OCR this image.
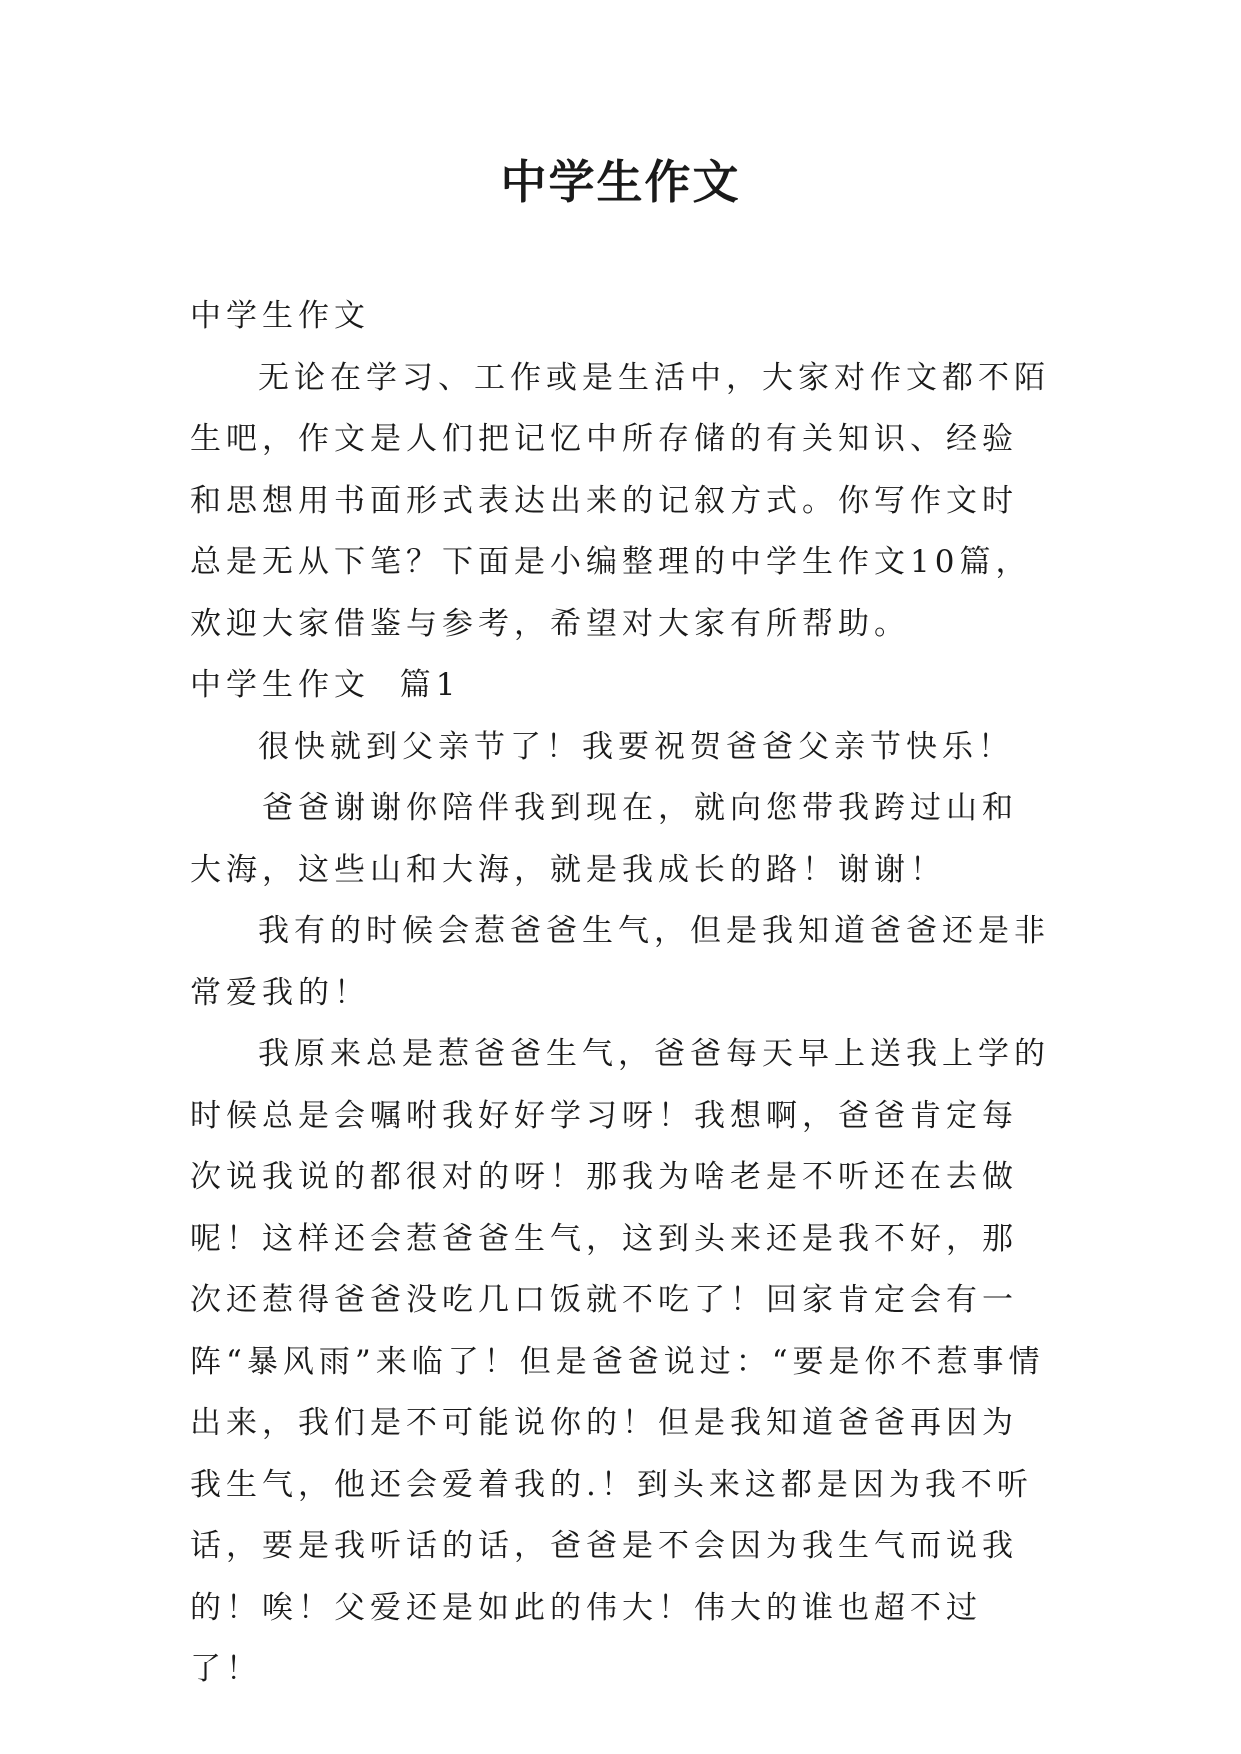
中学生作文

中学生作文

无论在学习、工作或是生活中，大家对作文都不陌生吧，作文是人们把记忆中所存储的有关知识、经验和思想用书面形式表达出来的记叙方式。你写作文时总是无从下笔？下面是小编整理的中学生作文10篇，欢迎大家借鉴与参考，希望对大家有所帮助。

中学生作文  篇1

很快就到父亲节了！我要祝贺爸爸父亲节快乐！

爸爸谢谢你陪伴我到现在，就向您带我跨过山和大海，这些山和大海，就是我成长的路！谢谢！

我有的时候会惹爸爸生气，但是我知道爸爸还是非常爱我的！

我原来总是惹爸爸生气，爸爸每天早上送我上学的时候总是会嘱咐我好好学习呀！我想啊，爸爸肯定每次说我说的都很对的呀！那我为啥老是不听还在去做呢！这样还会惹爸爸生气，这到头来还是我不好，那次还惹得爸爸没吃几口饭就不吃了！回家肯定会有一阵“暴风雨”来临了！但是爸爸说过：“要是你不惹事情出来，我们是不可能说你的！但是我知道爸爸再因为我生气，他还会爱着我的.！到头来这都是因为我不听话，要是我听话的话，爸爸是不会因为我生气而说我的！唉！父爱还是如此的伟大！伟大的谁也超不过了！
